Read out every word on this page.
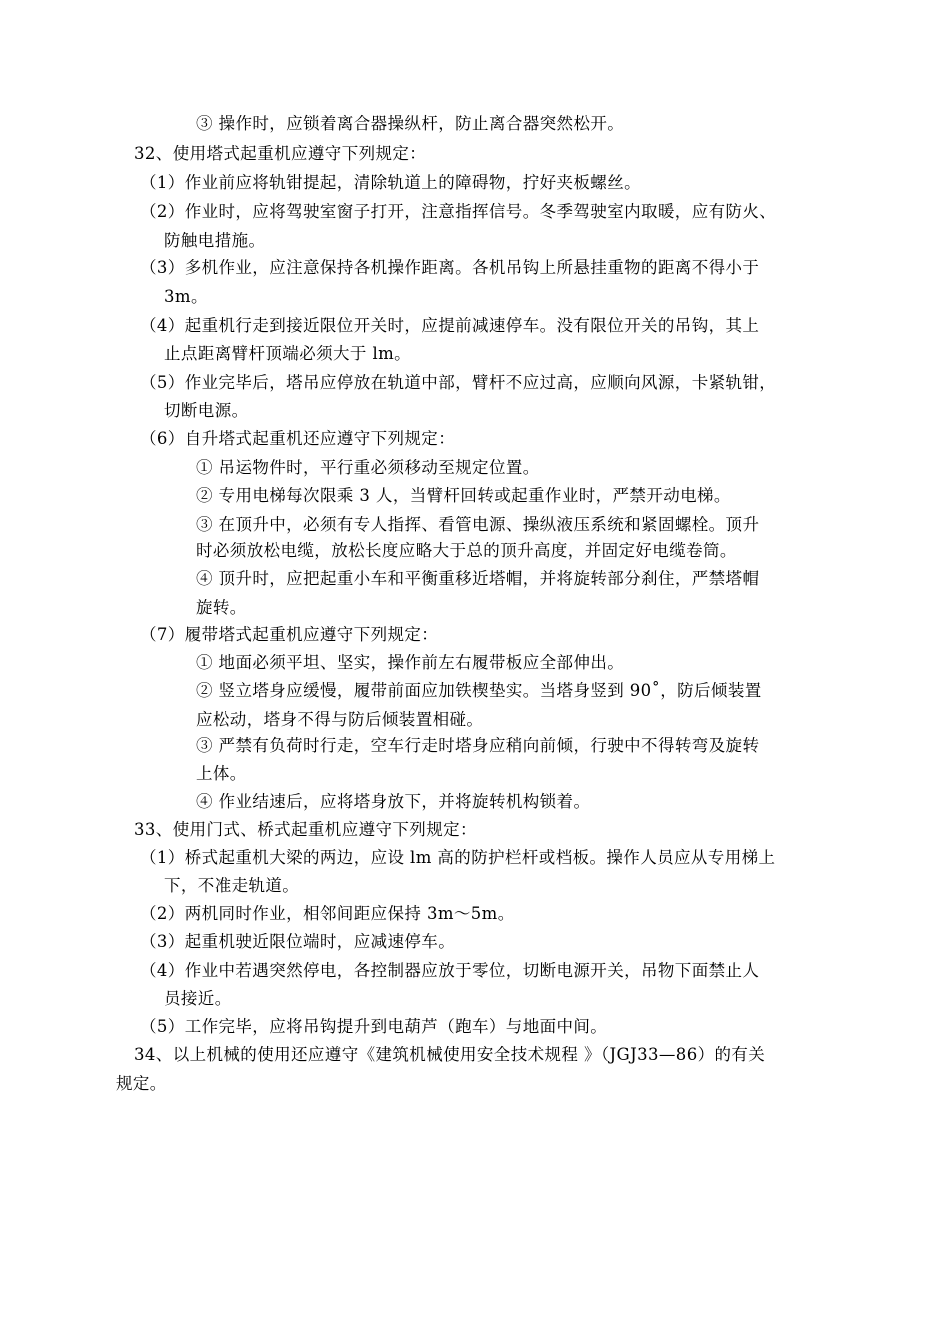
③ 操作时，应锁着离合器操纵杆，防止离合器突然松开。
32、使用塔式起重机应遵守下列规定：
（1）作业前应将轨钳提起，清除轨道上的障碍物，拧好夹板螺丝。
（2）作业时，应将驾驶室窗子打开，注意指挥信号。冬季驾驶室内取暖，应有防火、
防触电措施。
（3）多机作业，应注意保持各机操作距离。各机吊钩上所悬挂重物的距离不得小于
3m。
（4）起重机行走到接近限位开关时，应提前减速停车。没有限位开关的吊钩，其上
止点距离臂杆顶端必须大于 lm。
（5）作业完毕后，塔吊应停放在轨道中部，臂杆不应过高，应顺向风源，卡紧轨钳，
切断电源。
（6）自升塔式起重机还应遵守下列规定：
① 吊运物件时，平行重必须移动至规定位置。
② 专用电梯每次限乘 3 人，当臂杆回转或起重作业时，严禁开动电梯。
③ 在顶升中，必须有专人指挥、看管电源、操纵液压系统和紧固螺栓。顶升
时必须放松电缆，放松长度应略大于总的顶升高度，并固定好电缆卷筒。
④ 顶升时，应把起重小车和平衡重移近塔帽，并将旋转部分刹住，严禁塔帽
旋转。
（7）履带塔式起重机应遵守下列规定：
① 地面必须平坦、坚实，操作前左右履带板应全部伸出。
② 竖立塔身应缓慢，履带前面应加铁楔垫实。当塔身竖到 90˚，防后倾装置
应松动，塔身不得与防后倾装置相碰。
③ 严禁有负荷时行走，空车行走时塔身应稍向前倾，行驶中不得转弯及旋转
上体。
④ 作业结速后，应将塔身放下，并将旋转机构锁着。
33、使用门式、桥式起重机应遵守下列规定：
（1）桥式起重机大梁的两边，应设 lm 高的防护栏杆或档板。操作人员应从专用梯上
下，不准走轨道。
（2）两机同时作业，相邻间距应保持 3m～5m。
（3）起重机驶近限位端时，应减速停车。
（4）作业中若遇突然停电，各控制器应放于零位，切断电源开关，吊物下面禁止人
员接近。
（5）工作完毕，应将吊钩提升到电葫芦（跑车）与地面中间。
34、以上机械的使用还应遵守《建筑机械使用安全技术规程 》（JGJ33—86）的有关
规定。
